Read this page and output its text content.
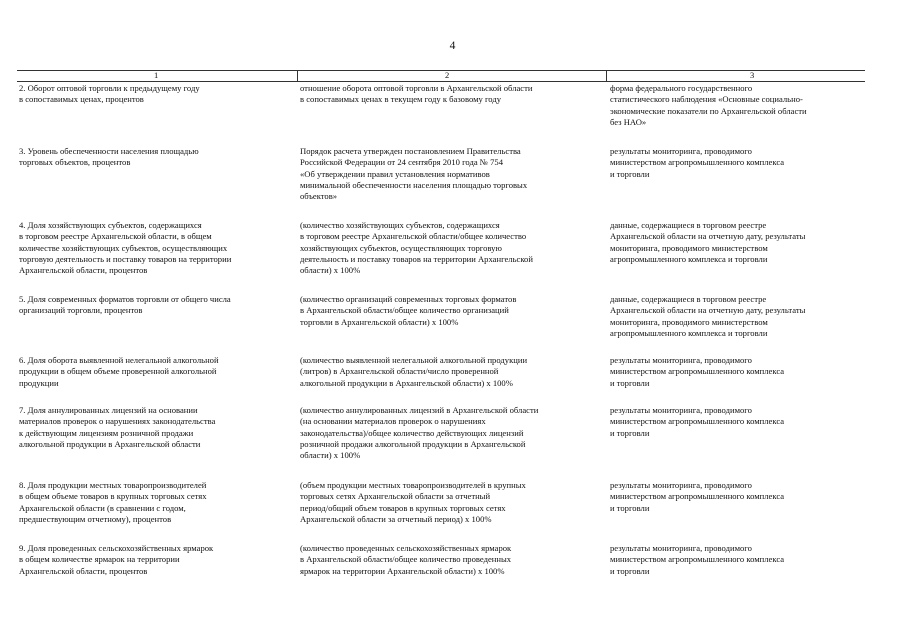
4
1	2	3
2. Оборот оптовой торговли к предыдущему году
в сопоставимых ценах, процентов
отношение оборота оптовой торговли в Архангельской области
в сопоставимых ценах в текущем году к базовому году
форма федерального государственного
статистического наблюдения «Основные социально-
экономические показатели по Архангельской области
без НАО»
3. Уровень обеспеченности населения площадью
торговых объектов, процентов
Порядок расчета утвержден постановлением Правительства
Российской Федерации от 24 сентября 2010 года № 754
«Об утверждении правил установления нормативов
минимальной обеспеченности населения площадью торговых
объектов»
результаты мониторинга, проводимого
министерством агропромышленного комплекса
и торговли
4. Доля хозяйствующих субъектов, содержащихся
в торговом реестре Архангельской области, в общем
количестве хозяйствующих субъектов, осуществляющих
торговую деятельность и поставку товаров на территории
Архангельской области, процентов
(количество хозяйствующих субъектов, содержащихся
в торговом реестре Архангельской области/общее количество
хозяйствующих субъектов, осуществляющих торговую
деятельность и поставку товаров на территории Архангельской
области) x 100%
данные, содержащиеся в торговом реестре
Архангельской области на отчетную дату, результаты
мониторинга, проводимого министерством
агропромышленного комплекса и торговли
5. Доля современных форматов торговли от общего числа
организаций торговли, процентов
(количество организаций современных торговых форматов
в Архангельской области/общее количество организаций
торговли в Архангельской области) x 100%
данные, содержащиеся в торговом реестре
Архангельской области на отчетную дату, результаты
мониторинга, проводимого министерством
агропромышленного комплекса и торговли
6. Доля оборота выявленной нелегальной алкогольной
продукции в общем объеме проверенной алкогольной
продукции
(количество выявленной нелегальной алкогольной продукции
(литров) в Архангельской области/число проверенной
алкогольной продукции в Архангельской области) x 100%
результаты мониторинга, проводимого
министерством агропромышленного комплекса
и торговли
7. Доля аннулированных лицензий на основании
материалов проверок о нарушениях законодательства
к действующим лицензиям розничной продажи
алкогольной продукции в Архангельской области
(количество аннулированных лицензий в Архангельской области
(на основании материалов проверок о нарушениях
законодательства)/общее количество действующих лицензий
розничной продажи алкогольной продукции в Архангельской
области) x 100%
результаты мониторинга, проводимого
министерством агропромышленного комплекса
и торговли
8. Доля продукции местных товаропроизводителей
в общем объеме товаров в крупных торговых сетях
Архангельской области (в сравнении с годом,
предшествующим отчетному), процентов
(объем продукции местных товаропроизводителей в крупных
торговых сетях Архангельской области за отчетный
период/общий объем товаров в крупных торговых сетях
Архангельской области за отчетный период) x 100%
результаты мониторинга, проводимого
министерством агропромышленного комплекса
и торговли
9. Доля проведенных сельскохозяйственных ярмарок
в общем количестве ярмарок на территории
Архангельской области, процентов
(количество проведенных сельскохозяйственных ярмарок
в Архангельской области/общее количество проведенных
ярмарок на территории Архангельской области) x 100%
результаты мониторинга, проводимого
министерством агропромышленного комплекса
и торговли
